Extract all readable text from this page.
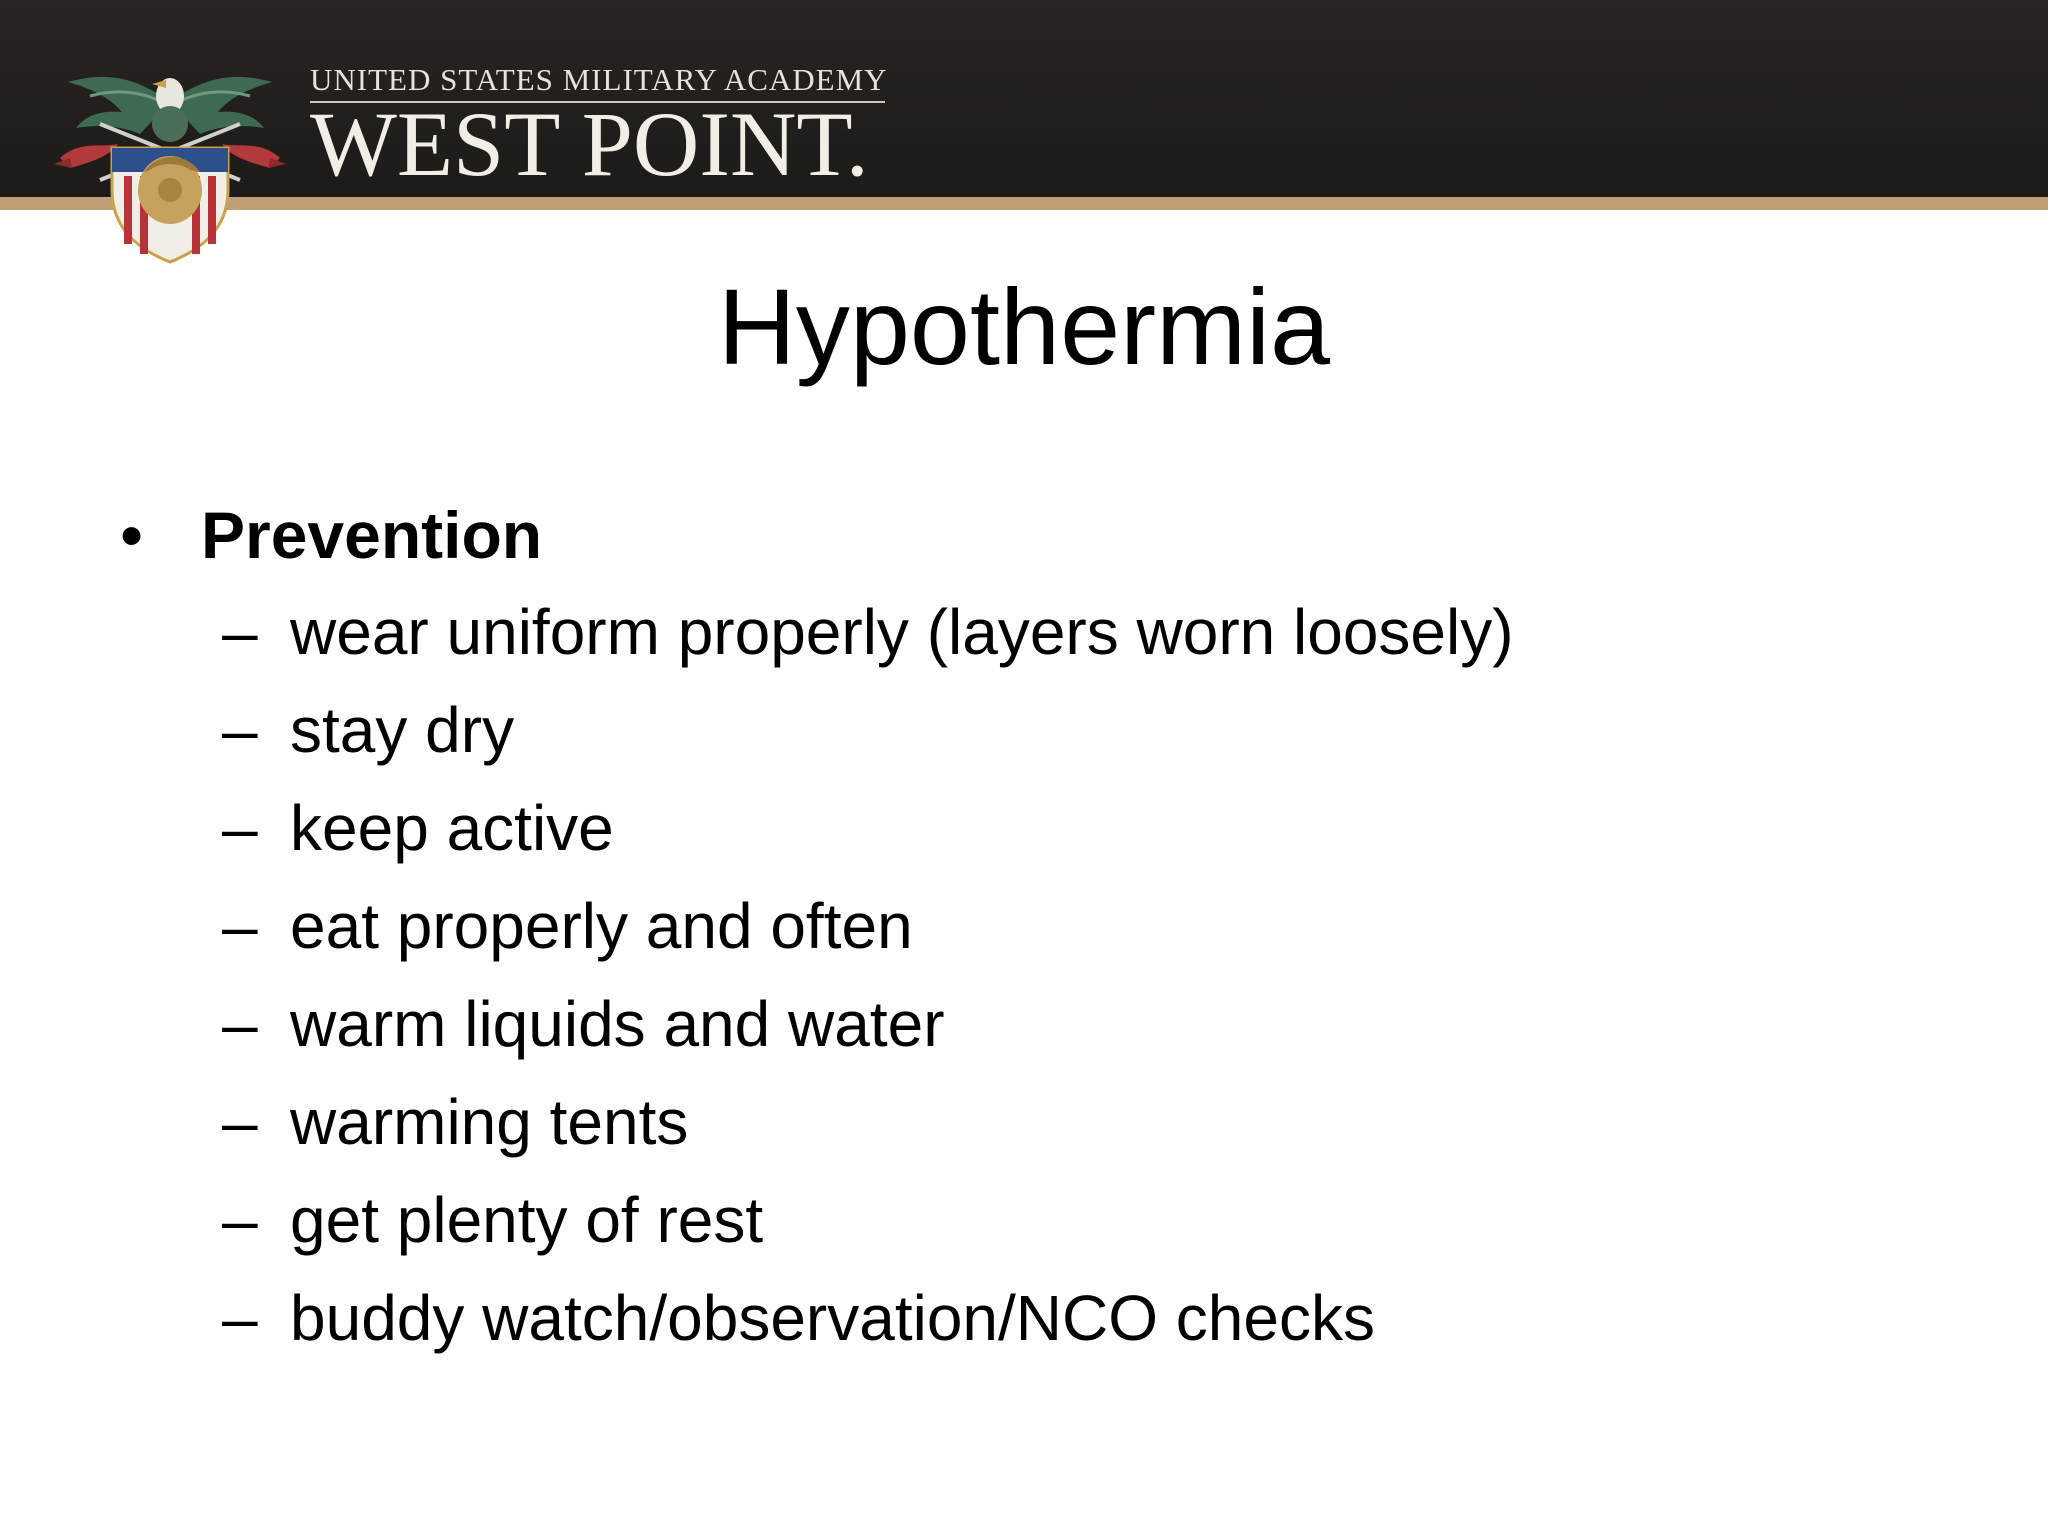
UNITED STATES MILITARY ACADEMY
WEST POINT.
Hypothermia
• Prevention
– wear uniform properly (layers worn loosely)
– stay dry
– keep active
– eat properly and often
– warm liquids and water
– warming tents
– get plenty of rest
– buddy watch/observation/NCO checks
